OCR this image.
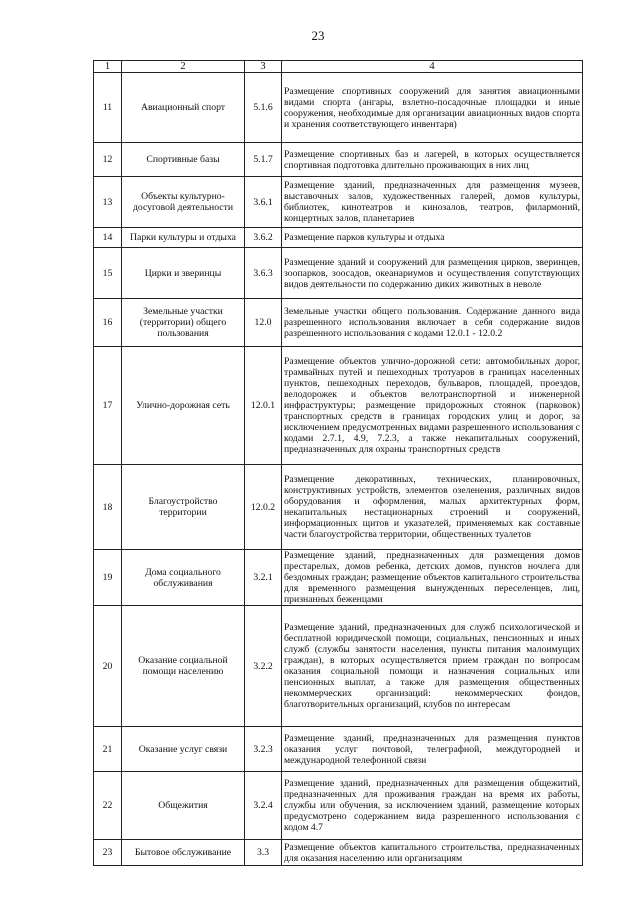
23
1	2	3	4
11	Авиационный спорт	5.1.6	Размещение спортивных сооружений для занятия авиационными видами спорта (ангары, взлетно-посадочные площадки и иные сооружения, необходимые для организации авиационных видов спорта и хранения соответствующего инвентаря)
12	Спортивные базы	5.1.7	Размещение спортивных баз и лагерей, в которых осуществляется спортивная подготовка длительно проживающих в них лиц
13	Объекты культурно-досуговой деятельности	3.6.1	Размещение зданий, предназначенных для размещения музеев, выставочных залов, художественных галерей, домов культуры, библиотек, кинотеатров и кинозалов, театров, филармоний, концертных залов, планетариев
14	Парки культуры и отдыха	3.6.2	Размещение парков культуры и отдыха
15	Цирки и зверинцы	3.6.3	Размещение зданий и сооружений для размещения цирков, зверинцев, зоопарков, зоосадов, океанариумов и осуществления сопутствующих видов деятельности по содержанию диких животных в неволе
16	Земельные участки (территории) общего пользования	12.0	Земельные участки общего пользования. Содержание данного вида разрешенного использования включает в себя содержание видов разрешенного использования с кодами 12.0.1 - 12.0.2
17	Улично-дорожная сеть	12.0.1	Размещение объектов улично-дорожной сети: автомобильных дорог, трамвайных путей и пешеходных тротуаров в границах населенных пунктов, пешеходных переходов, бульваров, площадей, проездов, велодорожек и объектов велотранспортной и инженерной инфраструктуры; размещение придорожных стоянок (парковок) транспортных средств в границах городских улиц и дорог, за исключением предусмотренных видами разрешенного использования с кодами 2.7.1, 4.9, 7.2.3, а также некапитальных сооружений, предназначенных для охраны транспортных средств
18	Благоустройство территории	12.0.2	Размещение декоративных, технических, планировочных, конструктивных устройств, элементов озеленения, различных видов оборудования и оформления, малых архитектурных форм, некапитальных нестационарных строений и сооружений, информационных щитов и указателей, применяемых как составные части благоустройства территории, общественных туалетов
19	Дома социального обслуживания	3.2.1	Размещение зданий, предназначенных для размещения домов престарелых, домов ребенка, детских домов, пунктов ночлега для бездомных граждан; размещение объектов капитального строительства для временного размещения вынужденных переселенцев, лиц, признанных беженцами
20	Оказание социальной помощи населению	3.2.2	Размещение зданий, предназначенных для служб психологической и бесплатной юридической помощи, социальных, пенсионных и иных служб (службы занятости населения, пункты питания малоимущих граждан), в которых осуществляется прием граждан по вопросам оказания социальной помощи и назначения социальных или пенсионных выплат, а также для размещения общественных некоммерческих организаций: некоммерческих фондов, благотворительных организаций, клубов по интересам
21	Оказание услуг связи	3.2.3	Размещение зданий, предназначенных для размещения пунктов оказания услуг почтовой, телеграфной, междугородней и международной телефонной связи
22	Общежития	3.2.4	Размещение зданий, предназначенных для размещения общежитий, предназначенных для проживания граждан на время их работы, службы или обучения, за исключением зданий, размещение которых предусмотрено содержанием вида разрешенного использования с кодом 4.7
23	Бытовое обслуживание	3.3	Размещение объектов капитального строительства, предназначенных для оказания населению или организациям
